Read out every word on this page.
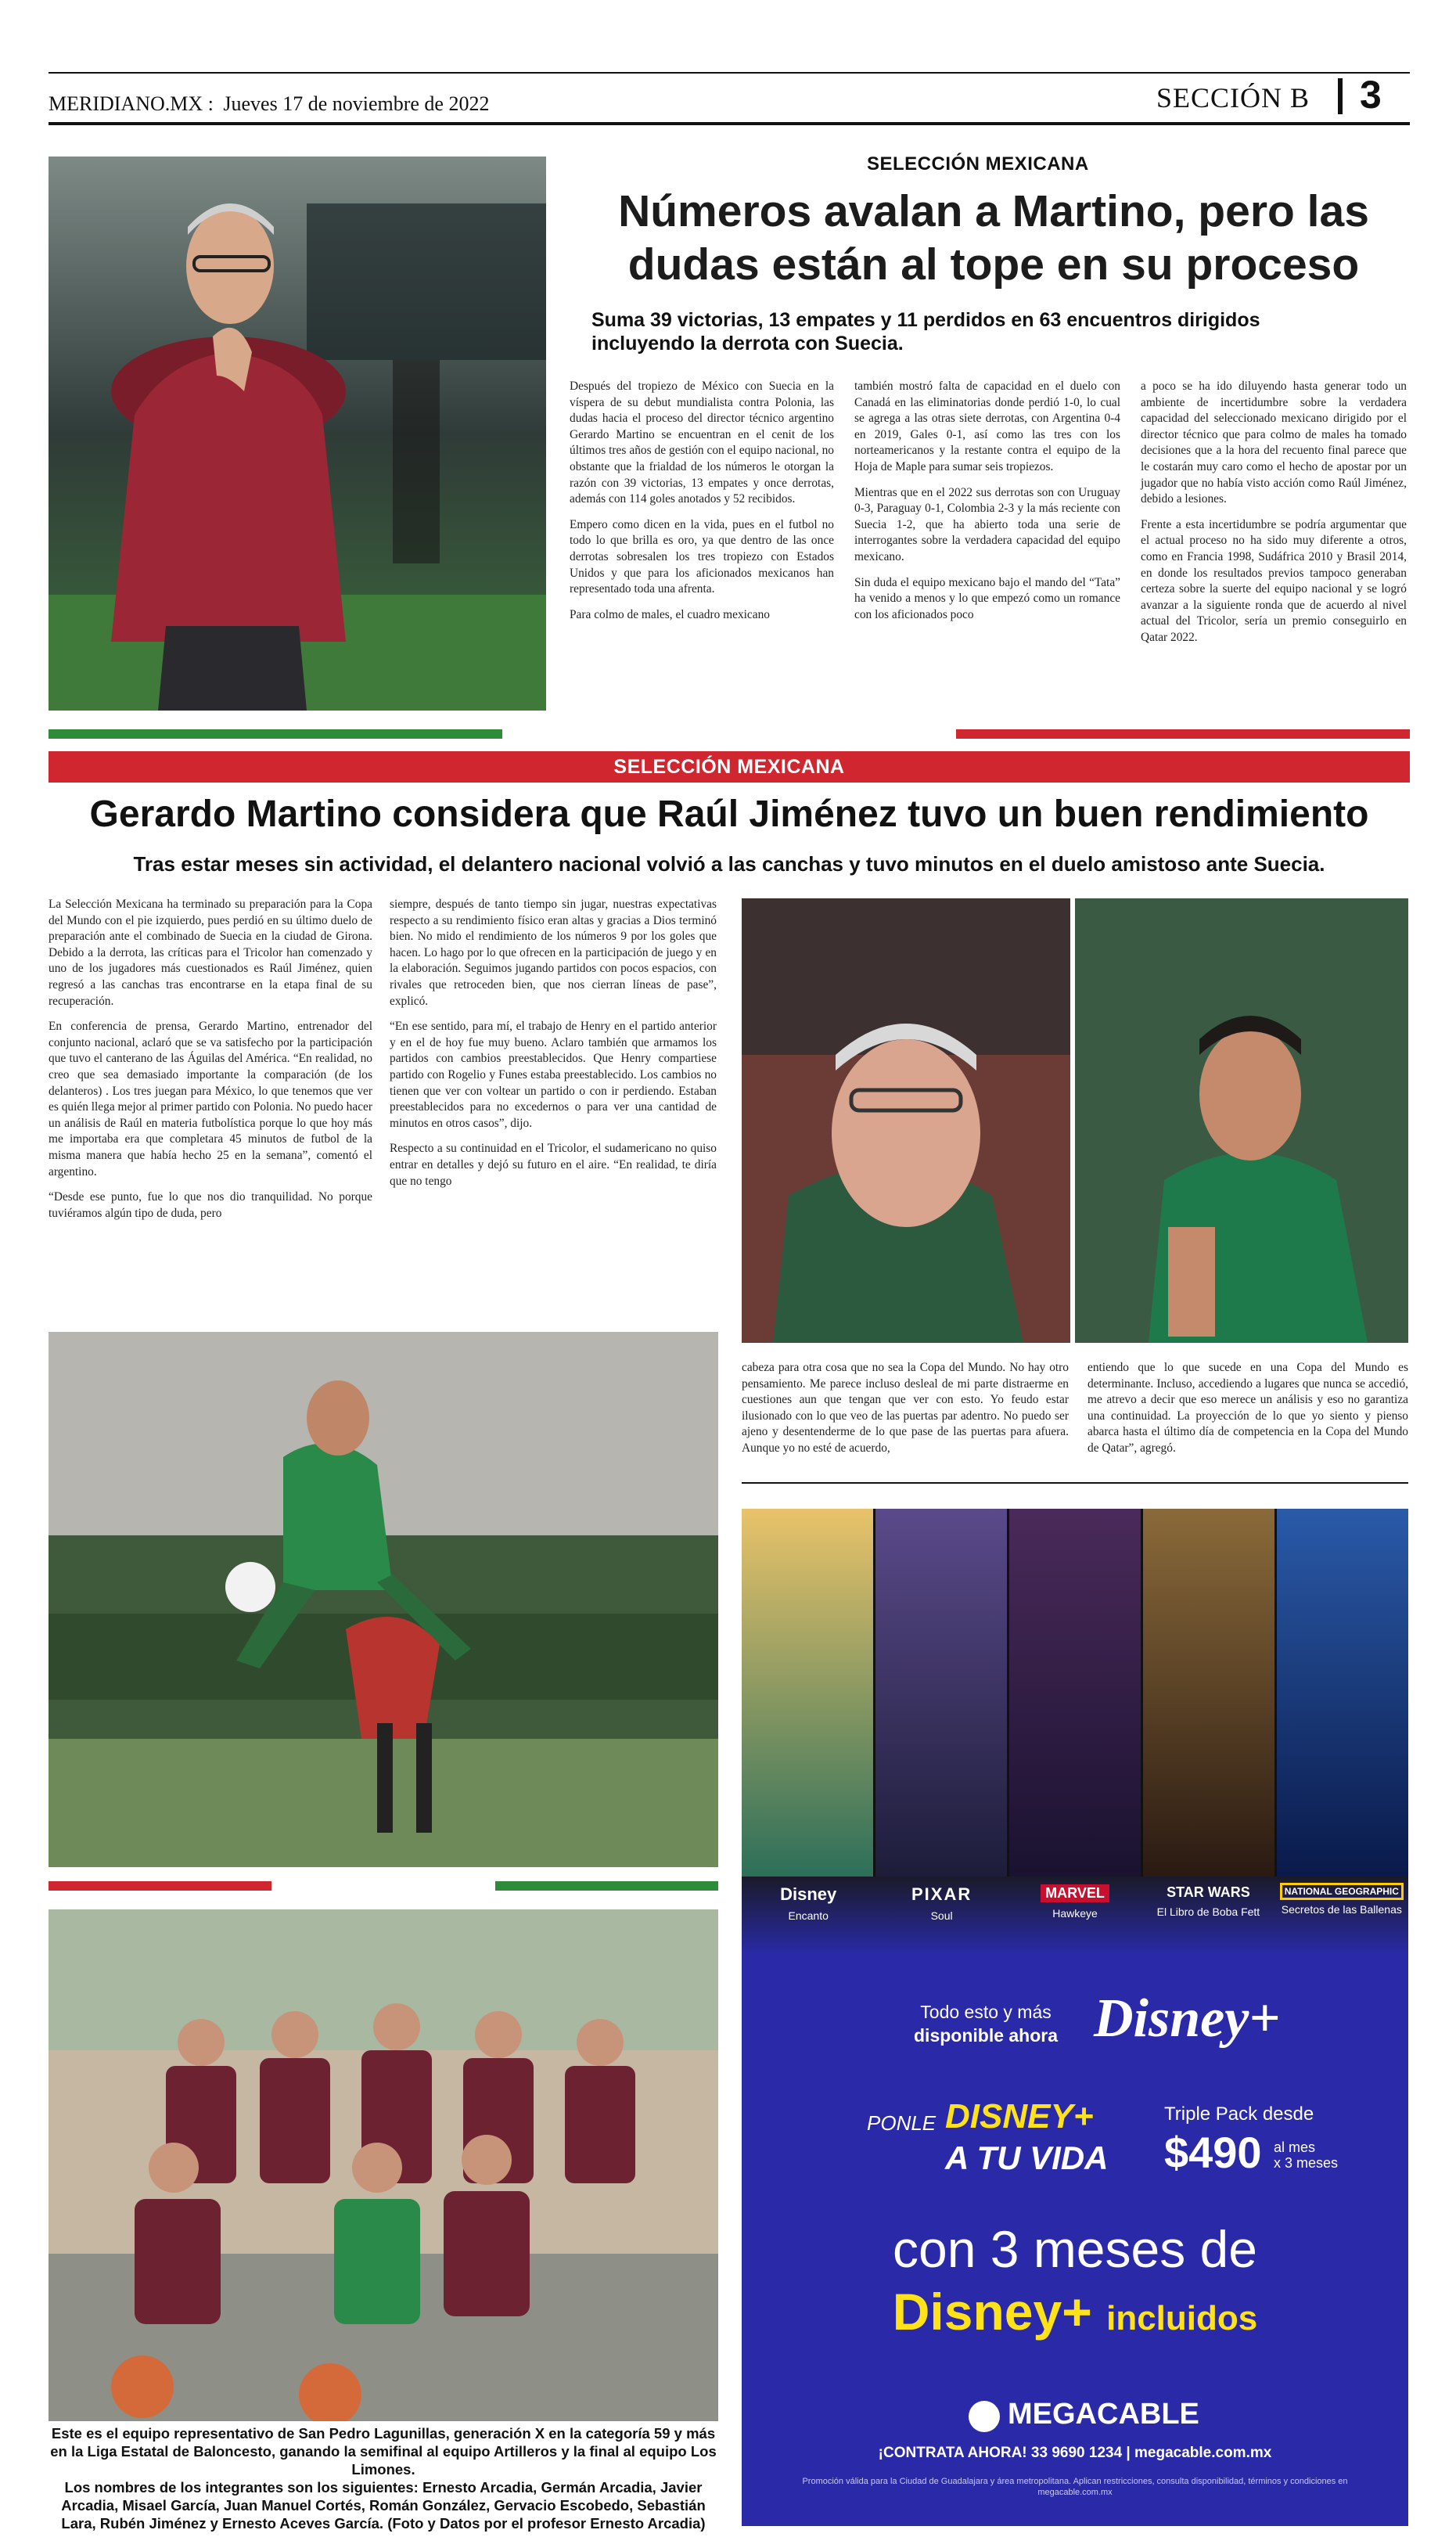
MERIDIANO.MX : Jueves 17 de noviembre de 2022	SECCIÓN B 3
SELECCIÓN MEXICANA
Números avalan a Martino, pero las
dudas están al tope en su proceso
Suma 39 victorias, 13 empates y 11 perdidos en 63 encuentros dirigidos
incluyendo la derrota con Suecia.

Después del tropiezo de México con Suecia en la víspera de su debut mundialista contra Polonia, las dudas hacia el proceso del director técnico argentino Gerardo Martino se encuentran en el cenit de los últimos tres años de gestión con el equipo nacional, no obstante que la frialdad de los números le otorgan la razón con 39 victorias, 13 empates y once derrotas, además con 114 goles anotados y 52 recibidos.

Empero como dicen en la vida, pues en el futbol no todo lo que brilla es oro, ya que dentro de las once derrotas sobresalen los tres tropiezo con Estados Unidos y que para los aficionados mexicanos han representado toda una afrenta.

Para colmo de males, el cuadro mexicano

también mostró falta de capacidad en el duelo con Canadá en las eliminatorias donde perdió 1-0, lo cual se agrega a las otras siete derrotas, con Argentina 0-4 en 2019, Gales 0-1, así como las tres con los norteamericanos y la restante contra el equipo de la Hoja de Maple para sumar seis tropiezos.

Mientras que en el 2022 sus derrotas son con Uruguay 0-3, Paraguay 0-1, Colombia 2-3 y la más reciente con Suecia 1-2, que ha abierto toda una serie de interrogantes sobre la verdadera capacidad del equipo mexicano.

Sin duda el equipo mexicano bajo el mando del “Tata” ha venido a menos y lo que empezó como un romance con los aficionados poco

a poco se ha ido diluyendo hasta generar todo un ambiente de incertidumbre sobre la verdadera capacidad del seleccionado mexicano dirigido por el director técnico que para colmo de males ha tomado decisiones que a la hora del recuento final parece que le costarán muy caro como el hecho de apostar por un jugador que no había visto acción como Raúl Jiménez, debido a lesiones.

Frente a esta incertidumbre se podría argumentar que el actual proceso no ha sido muy diferente a otros, como en Francia 1998, Sudáfrica 2010 y Brasil 2014, en donde los resultados previos tampoco generaban certeza sobre la suerte del equipo nacional y se logró avanzar a la siguiente ronda que de acuerdo al nivel actual del Tricolor, sería un premio conseguirlo en Qatar 2022.

SELECCIÓN MEXICANA
Gerardo Martino considera que Raúl Jiménez tuvo un buen rendimiento
Tras estar meses sin actividad, el delantero nacional volvió a las canchas y tuvo minutos en el duelo amistoso ante Suecia.

La Selección Mexicana ha terminado su preparación para la Copa del Mundo con el pie izquierdo, pues perdió en su último duelo de preparación ante el combinado de Suecia en la ciudad de Girona. Debido a la derrota, las críticas para el Tricolor han comenzado y uno de los jugadores más cuestionados es Raúl Jiménez, quien regresó a las canchas tras encontrarse en la etapa final de su recuperación.

En conferencia de prensa, Gerardo Martino, entrenador del conjunto nacional, aclaró que se va satisfecho por la participación que tuvo el canterano de las Águilas del América. “En realidad, no creo que sea demasiado importante la comparación (de los delanteros) . Los tres juegan para México, lo que tenemos que ver es quién llega mejor al primer partido con Polonia. No puedo hacer un análisis de Raúl en materia futbolística porque lo que hoy más me importaba era que completara 45 minutos de futbol de la misma manera que había hecho 25 en la semana”, comentó el argentino.

“Desde ese punto, fue lo que nos dio tranquilidad. No porque tuviéramos algún tipo de duda, pero

siempre, después de tanto tiempo sin jugar, nuestras expectativas respecto a su rendimiento físico eran altas y gracias a Dios terminó bien. No mido el rendimiento de los números 9 por los goles que hacen. Lo hago por lo que ofrecen en la participación de juego y en la elaboración. Seguimos jugando partidos con pocos espacios, con rivales que retroceden bien, que nos cierran líneas de pase”, explicó.

“En ese sentido, para mí, el trabajo de Henry en el partido anterior y en el de hoy fue muy bueno. Aclaro también que armamos los partidos con cambios preestablecidos. Que Henry compartiese partido con Rogelio y Funes estaba preestablecido. Los cambios no tienen que ver con voltear un partido o con ir perdiendo. Estaban preestablecidos para no excedernos o para ver una cantidad de minutos en otros casos”, dijo.

Respecto a su continuidad en el Tricolor, el sudamericano no quiso entrar en detalles y dejó su futuro en el aire. “En realidad, te diría que no tengo

cabeza para otra cosa que no sea la Copa del Mundo. No hay otro pensamiento. Me parece incluso desleal de mi parte distraerme en cuestiones aun que tengan que ver con esto. Yo feudo estar ilusionado con lo que veo de las puertas par adentro. No puedo ser ajeno y desentenderme de lo que pase de las puertas para afuera. Aunque yo no esté de acuerdo,

entiendo que lo que sucede en una Copa del Mundo es determinante. Incluso, accediendo a lugares que nunca se accedió, me atrevo a decir que eso merece un análisis y eso no garantiza una continuidad. La proyección de lo que yo siento y pienso abarca hasta el último día de competencia en la Copa del Mundo de Qatar”, agregó.

Este es el equipo representativo de San Pedro Lagunillas, generación X en la categoría 59 y más en la Liga Estatal de Baloncesto, ganando la semifinal al equipo Artilleros y la final al equipo Los Limones.
Los nombres de los integrantes son los siguientes: Ernesto Arcadia, Germán Arcadia, Javier Arcadia, Misael García, Juan Manuel Cortés, Román González, Gervacio Escobedo, Sebastián Lara, Rubén Jiménez y Ernesto Aceves García. (Foto y Datos por el profesor Ernesto Arcadia)
Disney
Encanto
PIXAR
Soul
MARVEL
Hawkeye
STAR WARS
El Libro de Boba Fett
NATIONAL GEOGRAPHIC
Secretos de las Ballenas
Todo esto y más
disponible ahora Disney+
PONLE DISNEY+
A TU VIDA
Triple Pack desde
$490 al mes
x 3 meses
con 3 meses de
Disney+ incluidos
MEGACABLE
¡CONTRATA AHORA! 33 9690 1234 | megacable.com.mx
Promoción válida para la Ciudad de Guadalajara y área metropolitana. Aplican restricciones, consulta disponibilidad, términos y condiciones en megacable.com.mx
